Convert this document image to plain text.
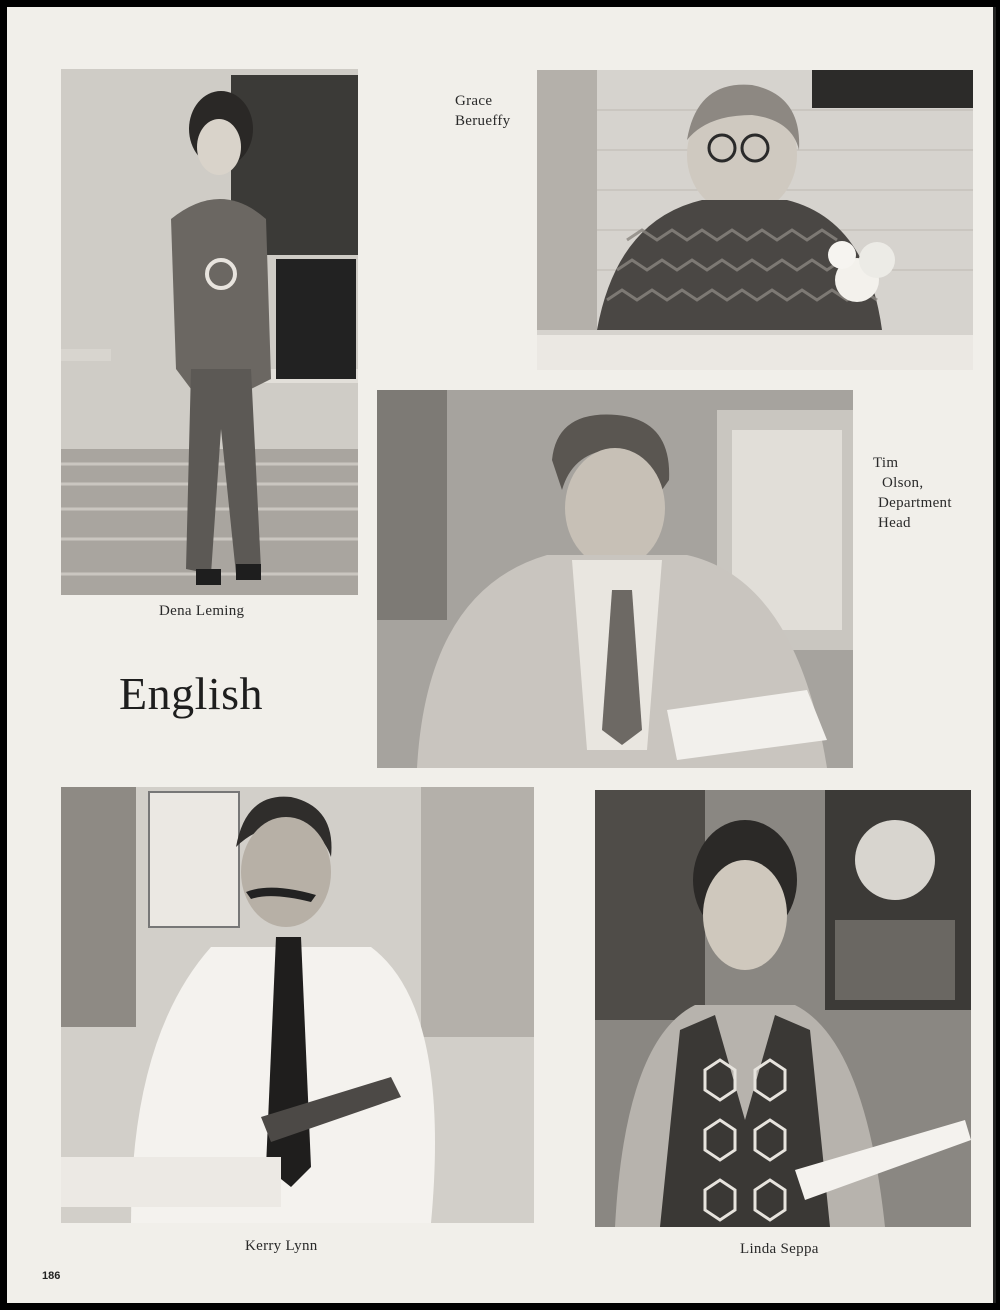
Grace
Berueffy
Tim
Olson,
Department
Head
Dena Leming
English
Kerry Lynn	Linda Seppa
186
